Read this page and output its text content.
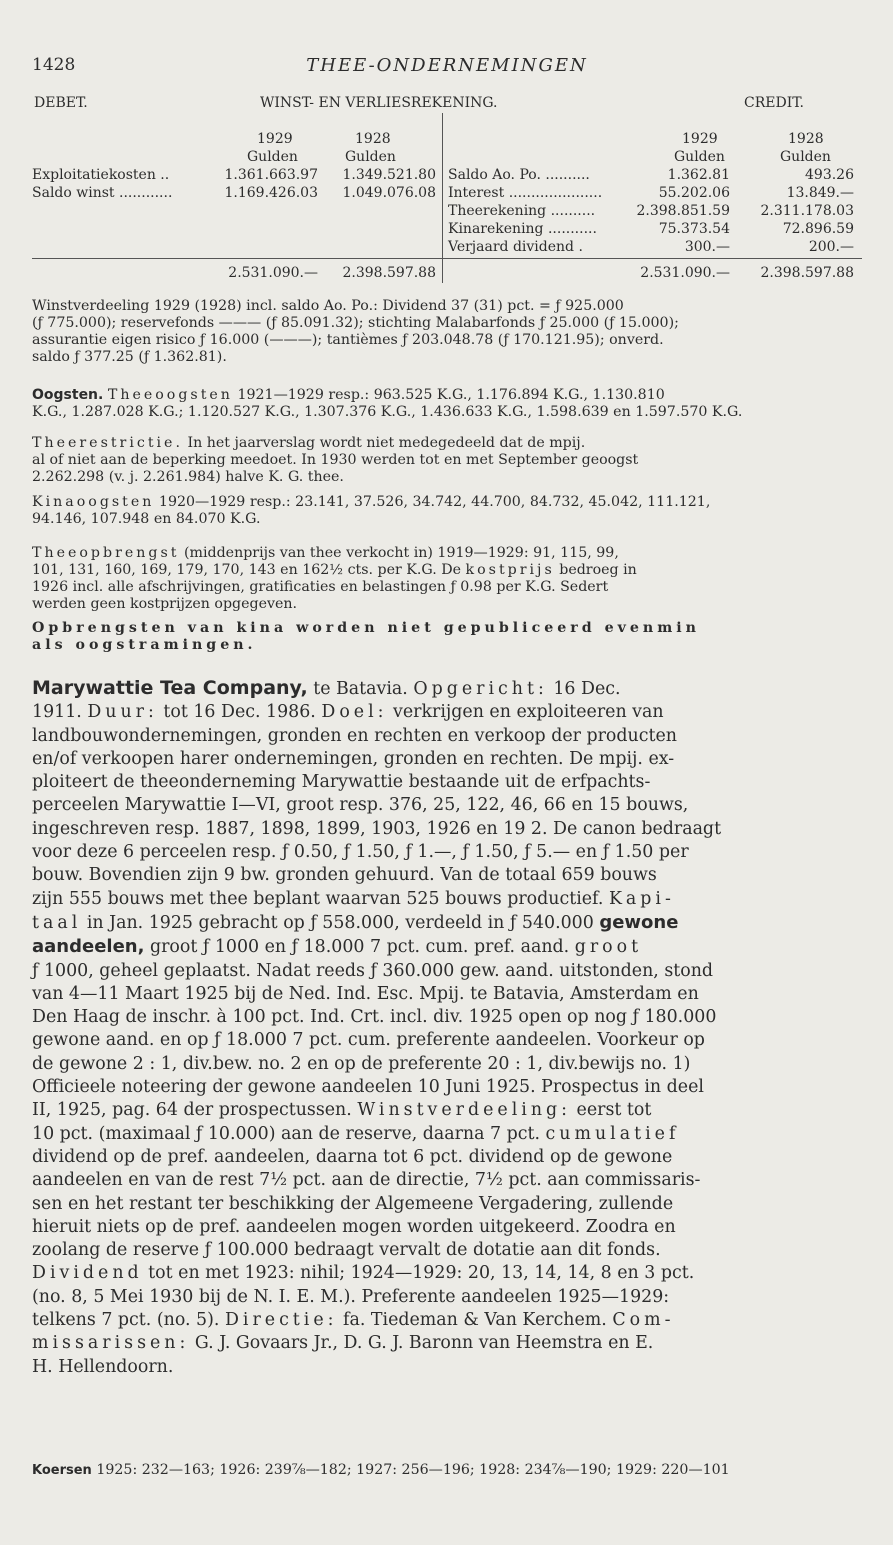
1428	THEE-ONDERNEMINGEN
DEBET.	WINST- EN VERLIESREKENING.	CREDIT.
1929	1928
Gulden	Gulden
1929	1928
Gulden	Gulden
Exploitatiekosten ..	1.361.663.97	1.349.521.80
Saldo winst ............	1.169.426.03	1.049.076.08
Saldo Ao. Po. ..........	1.362.81	493.26
Interest .....................	55.202.06	13.849.—
Theerekening ..........	2.398.851.59	2.311.178.03
Kinarekening ...........	75.373.54	72.896.59
Verjaard dividend .	300.—	200.—
2.531.090.—	2.398.597.88	2.531.090.—	2.398.597.88
Winstverdeeling 1929 (1928) incl. saldo Ao. Po.: Dividend 37 (31) pct. = ƒ 925.000
(ƒ 775.000); reservefonds ——— (ƒ 85.091.32); stichting Malabarfonds ƒ 25.000 (ƒ 15.000);
assurantie eigen risico ƒ 16.000 (———); tantièmes ƒ 203.048.78 (ƒ 170.121.95); onverd.
saldo ƒ 377.25 (ƒ 1.362.81).
Oogsten. Theeoogsten 1921—1929 resp.: 963.525 K.G., 1.176.894 K.G., 1.130.810
K.G., 1.287.028 K.G.; 1.120.527 K.G., 1.307.376 K.G., 1.436.633 K.G., 1.598.639 en 1.597.570 K.G.
Theerestrictie. In het jaarverslag wordt niet medegedeeld dat de mpij.
al of niet aan de beperking meedoet. In 1930 werden tot en met September geoogst
2.262.298 (v. j. 2.261.984) halve K. G. thee.
Kinaoogsten 1920—1929 resp.: 23.141, 37.526, 34.742, 44.700, 84.732, 45.042, 111.121,
94.146, 107.948 en 84.070 K.G.
Theeopbrengst (middenprijs van thee verkocht in) 1919—1929: 91, 115, 99,
101, 131, 160, 169, 179, 170, 143 en 162½ cts. per K.G. De kostprijs bedroeg in
1926 incl. alle afschrijvingen, gratificaties en belastingen ƒ 0.98 per K.G. Sedert
werden geen kostprijzen opgegeven.
Opbrengsten van kina worden niet gepubliceerd evenmin
als oogstramingen.
Marywattie Tea Company, te Batavia. Opgericht: 16 Dec.
1911. Duur: tot 16 Dec. 1986. Doel: verkrijgen en exploiteeren van
landbouwondernemingen, gronden en rechten en verkoop der producten
en/of verkoopen harer ondernemingen, gronden en rechten. De mpij. ex-
ploiteert de theeonderneming Marywattie bestaande uit de erfpachts-
perceelen Marywattie I—VI, groot resp. 376, 25, 122, 46, 66 en 15 bouws,
ingeschreven resp. 1887, 1898, 1899, 1903, 1926 en 19 2. De canon bedraagt
voor deze 6 perceelen resp. ƒ 0.50, ƒ 1.50, ƒ 1.—, ƒ 1.50, ƒ 5.— en ƒ 1.50 per
bouw. Bovendien zijn 9 bw. gronden gehuurd. Van de totaal 659 bouws
zijn 555 bouws met thee beplant waarvan 525 bouws productief. Kapi-
taal in Jan. 1925 gebracht op ƒ 558.000, verdeeld in ƒ 540.000 gewone
aandeelen, groot ƒ 1000 en ƒ 18.000 7 pct. cum. pref. aand. groot
ƒ 1000, geheel geplaatst. Nadat reeds ƒ 360.000 gew. aand. uitstonden, stond
van 4—11 Maart 1925 bij de Ned. Ind. Esc. Mpij. te Batavia, Amsterdam en
Den Haag de inschr. à 100 pct. Ind. Crt. incl. div. 1925 open op nog ƒ 180.000
gewone aand. en op ƒ 18.000 7 pct. cum. preferente aandeelen. Voorkeur op
de gewone 2 : 1, div.bew. no. 2 en op de preferente 20 : 1, div.bewijs no. 1)
Officieele noteering der gewone aandeelen 10 Juni 1925. Prospectus in deel
II, 1925, pag. 64 der prospectussen. Winstverdeeling: eerst tot
10 pct. (maximaal ƒ 10.000) aan de reserve, daarna 7 pct. cumulatief
dividend op de pref. aandeelen, daarna tot 6 pct. dividend op de gewone
aandeelen en van de rest 7½ pct. aan de directie, 7½ pct. aan commissaris-
sen en het restant ter beschikking der Algemeene Vergadering, zullende
hieruit niets op de pref. aandeelen mogen worden uitgekeerd. Zoodra en
zoolang de reserve ƒ 100.000 bedraagt vervalt de dotatie aan dit fonds.
Dividend tot en met 1923: nihil; 1924—1929: 20, 13, 14, 14, 8 en 3 pct.
(no. 8, 5 Mei 1930 bij de N. I. E. M.). Preferente aandeelen 1925—1929:
telkens 7 pct. (no. 5). Directie: fa. Tiedeman & Van Kerchem. Com-
missarissen: G. J. Govaars Jr., D. G. J. Baronn van Heemstra en E.
H. Hellendoorn.
Koersen 1925: 232—163; 1926: 239⅞—182; 1927: 256—196; 1928: 234⅞—190; 1929: 220—101
